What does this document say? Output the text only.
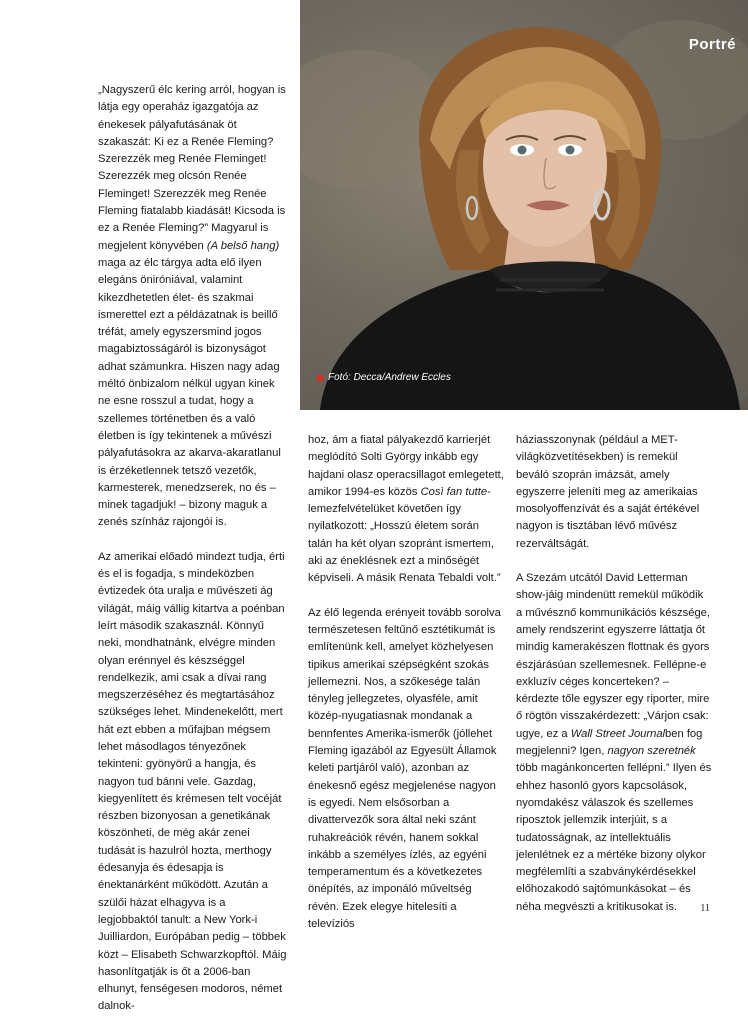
Portré
Fotó: Decca/Andrew Eccles

„Nagyszerű élc kering arról, hogyan is látja egy operaház igazgatója az énekesek pályafutásának öt szakaszát: Ki ez a Renée Fleming? Szerezzék meg Renée Fleminget! Szerezzék meg olcsón Renée Fleminget! Szerezzék meg Renée Fleming fiatalabb kiadását! Kicsoda is ez a Renée Fleming?” Magyarul is megjelent könyvében (A belső hang) maga az élc tárgya adta elő ilyen elegáns öniróniával, valamint kikezdhetetlen élet- és szakmai ismerettel ezt a példázatnak is beillő tréfát, amely egyszersmind jogos magabiztosságáról is bizonyságot adhat számunkra. Hiszen nagy adag méltó önbizalom nélkül ugyan kinek ne esne rosszul a tudat, hogy a szellemes történetben és a való életben is így tekintenek a művészi pályafutásokra az akarva-akaratlanul is érzéketlennek tetsző vezetők, karmesterek, menedzserek, no és – minek tagadjuk! – bizony maguk a zenés színház rajongói is.

Az amerikai előadó mindezt tudja, érti és el is fogadja, s mindeközben évtizedek óta uralja e művészeti ág világát, máig vállig kitartva a poénban leírt második szakasznál. Könnyű neki, mondhatnánk, elvégre minden olyan erénnyel és készséggel rendelkezik, ami csak a dívai rang megszerzéséhez és megtartásához szükséges lehet. Mindenekelőtt, mert hát ezt ebben a műfajban mégsem lehet másodlagos tényezőnek tekinteni: gyönyörű a hangja, és nagyon tud bánni vele. Gazdag, kiegyenlített és krémesen telt vocéját részben bizonyosan a genetikának köszönheti, de még akár zenei tudását is hazulról hozta, merthogy édesanyja és édesapja is énektanárként működött. Azután a szülői házat elhagyva is a legjobbaktól tanult: a New York-i Juilliardon, Európában pedig – többek közt – Elisabeth Schwarzkopftól. Máig hasonlítgatják is őt a 2006-ban elhunyt, fenségesen modoros, német dalnok-

hoz, ám a fiatal pályakezdő karrierjét meglódító Solti György inkább egy hajdani olasz operacsillagot emlegetett, amikor 1994-es közös Così fan tutte-lemezfelvételüket követően így nyilatkozott: „Hosszú életem során talán ha két olyan szopránt ismertem, aki az éneklésnek ezt a minőségét képviseli. A másik Renata Tebaldi volt.”

Az élő legenda erényeit tovább sorolva természetesen feltűnő esztétikumát is említenünk kell, amelyet közhelyesen tipikus amerikai szépségként szokás jellemezni. Nos, a szőkesége talán tényleg jellegzetes, olyasféle, amit közép-nyugatiasnak mondanak a bennfentes Amerika-ismerők (jóllehet Fleming igazából az Egyesült Államok keleti partjáról való), azonban az énekesnő egész megjelenése nagyon is egyedi. Nem elsősorban a divattervezők sora által neki szánt ruhakreációk révén, hanem sokkal inkább a személyes ízlés, az egyéni temperamentum és a következetes önépítés, az imponáló műveltség révén. Ezek elegye hitelesíti a televíziós

háziasszonynak (például a MET-világközvetítésekben) is remekül beváló szoprán imázsát, amely egyszerre jeleníti meg az amerikaias mosolyoffenzívát és a saját értékével nagyon is tisztában lévő művész rezerváltságát.

A Szezám utcától David Letterman show-jáig mindenütt remekül működik a művésznő kommunikációs készsége, amely rendszerint egyszerre láttatja őt mindig kamerakészen flottnak és gyors észjárásúan szellemesnek. Fellépne-e exkluzív céges koncerteken? – kérdezte tőle egyszer egy riporter, mire ő rögtön visszakérdezett: „Várjon csak: ugye, ez a Wall Street Journalben fog megjelenni? Igen, nagyon szeretnék több magánkoncerten fellépni.” Ilyen és ehhez hasonló gyors kapcsolások, nyomdakész válaszok és szellemes riposztok jellemzik interjúit, s a tudatosságnak, az intellektuális jelenlétnek ez a mértéke bizony olykor megfélemlíti a szabványkérdésekkel előhozakodó sajtómunkásokat – és néha megvészti a kritikusokat is.	11
